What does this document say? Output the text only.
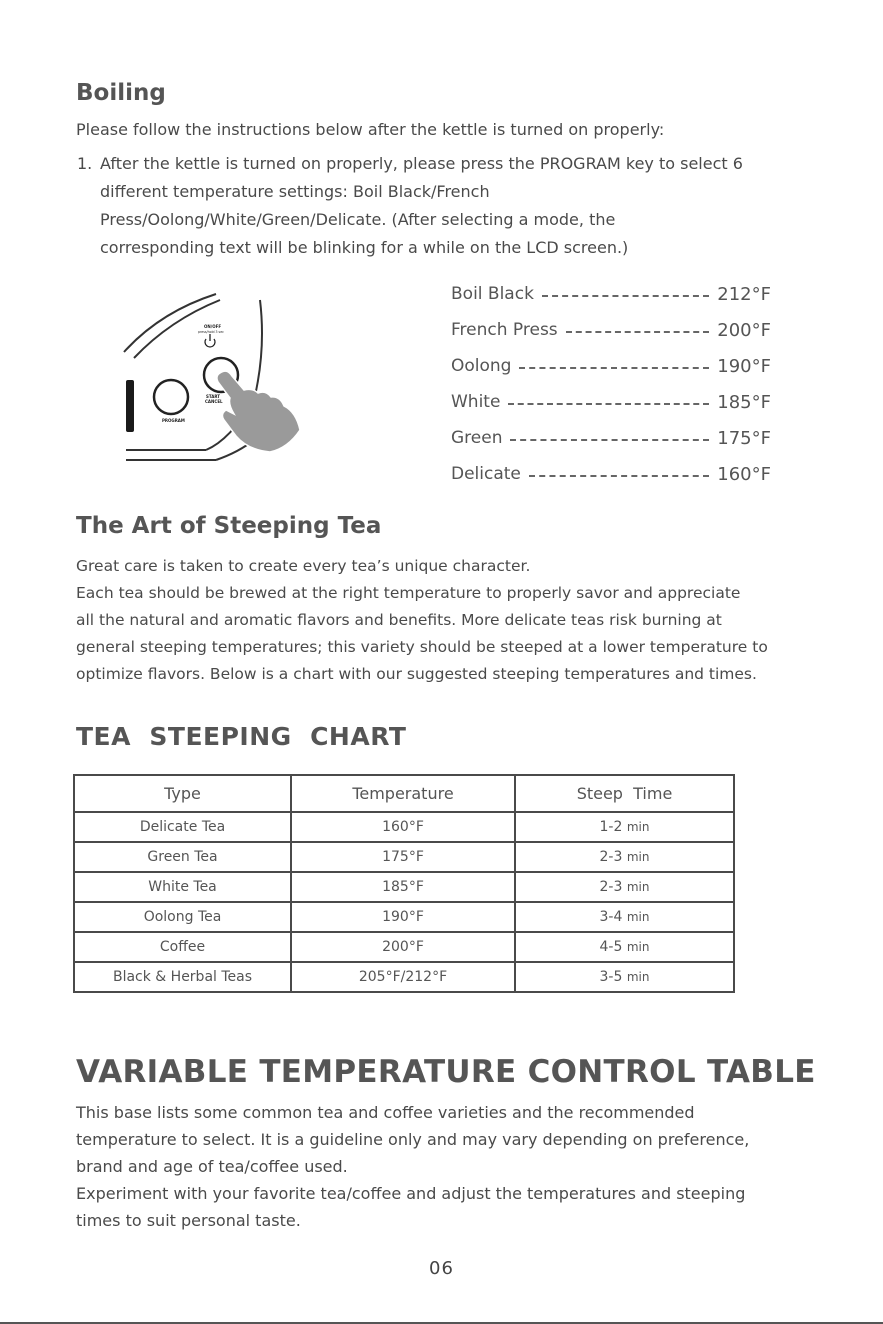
Boiling

Please follow the instructions below after the kettle is turned on properly:

1. After the kettle is turned on properly, please press the PROGRAM key to select 6
different temperature settings: Boil Black/French
Press/Oolong/White/Green/Delicate. (After selecting a mode, the
corresponding text will be blinking for a while on the LCD screen.)
ON/OFF
press/hold 3 sec
START
CANCEL
PROGRAM
Boil Black	212°F
French Press	200°F
Oolong	190°F
White	185°F
Green	175°F
Delicate	160°F
The Art of Steeping Tea

Great care is taken to create every tea’s unique character.

Each tea should be brewed at the right temperature to properly savor and appreciate

all the natural and aromatic flavors and benefits. More delicate teas risk burning at

general steeping temperatures; this variety should be steeped at a lower temperature to

optimize flavors. Below is a chart with our suggested steeping temperatures and times.

TEA  STEEPING  CHART
Type	Temperature	Steep  Time
Delicate Tea	160°F	1-2 min
Green Tea	175°F	2-3 min
White Tea	185°F	2-3 min
Oolong Tea	190°F	3-4 min
Coffee	200°F	4-5 min
Black & Herbal Teas	205°F/212°F	3-5 min
VARIABLE TEMPERATURE CONTROL TABLE

This base lists some common tea and coffee varieties and the recommended

temperature to select. It is a guideline only and may vary depending on preference,

brand and age of tea/coffee used.

Experiment with your favorite tea/coffee and adjust the temperatures and steeping

times to suit personal taste.

06
